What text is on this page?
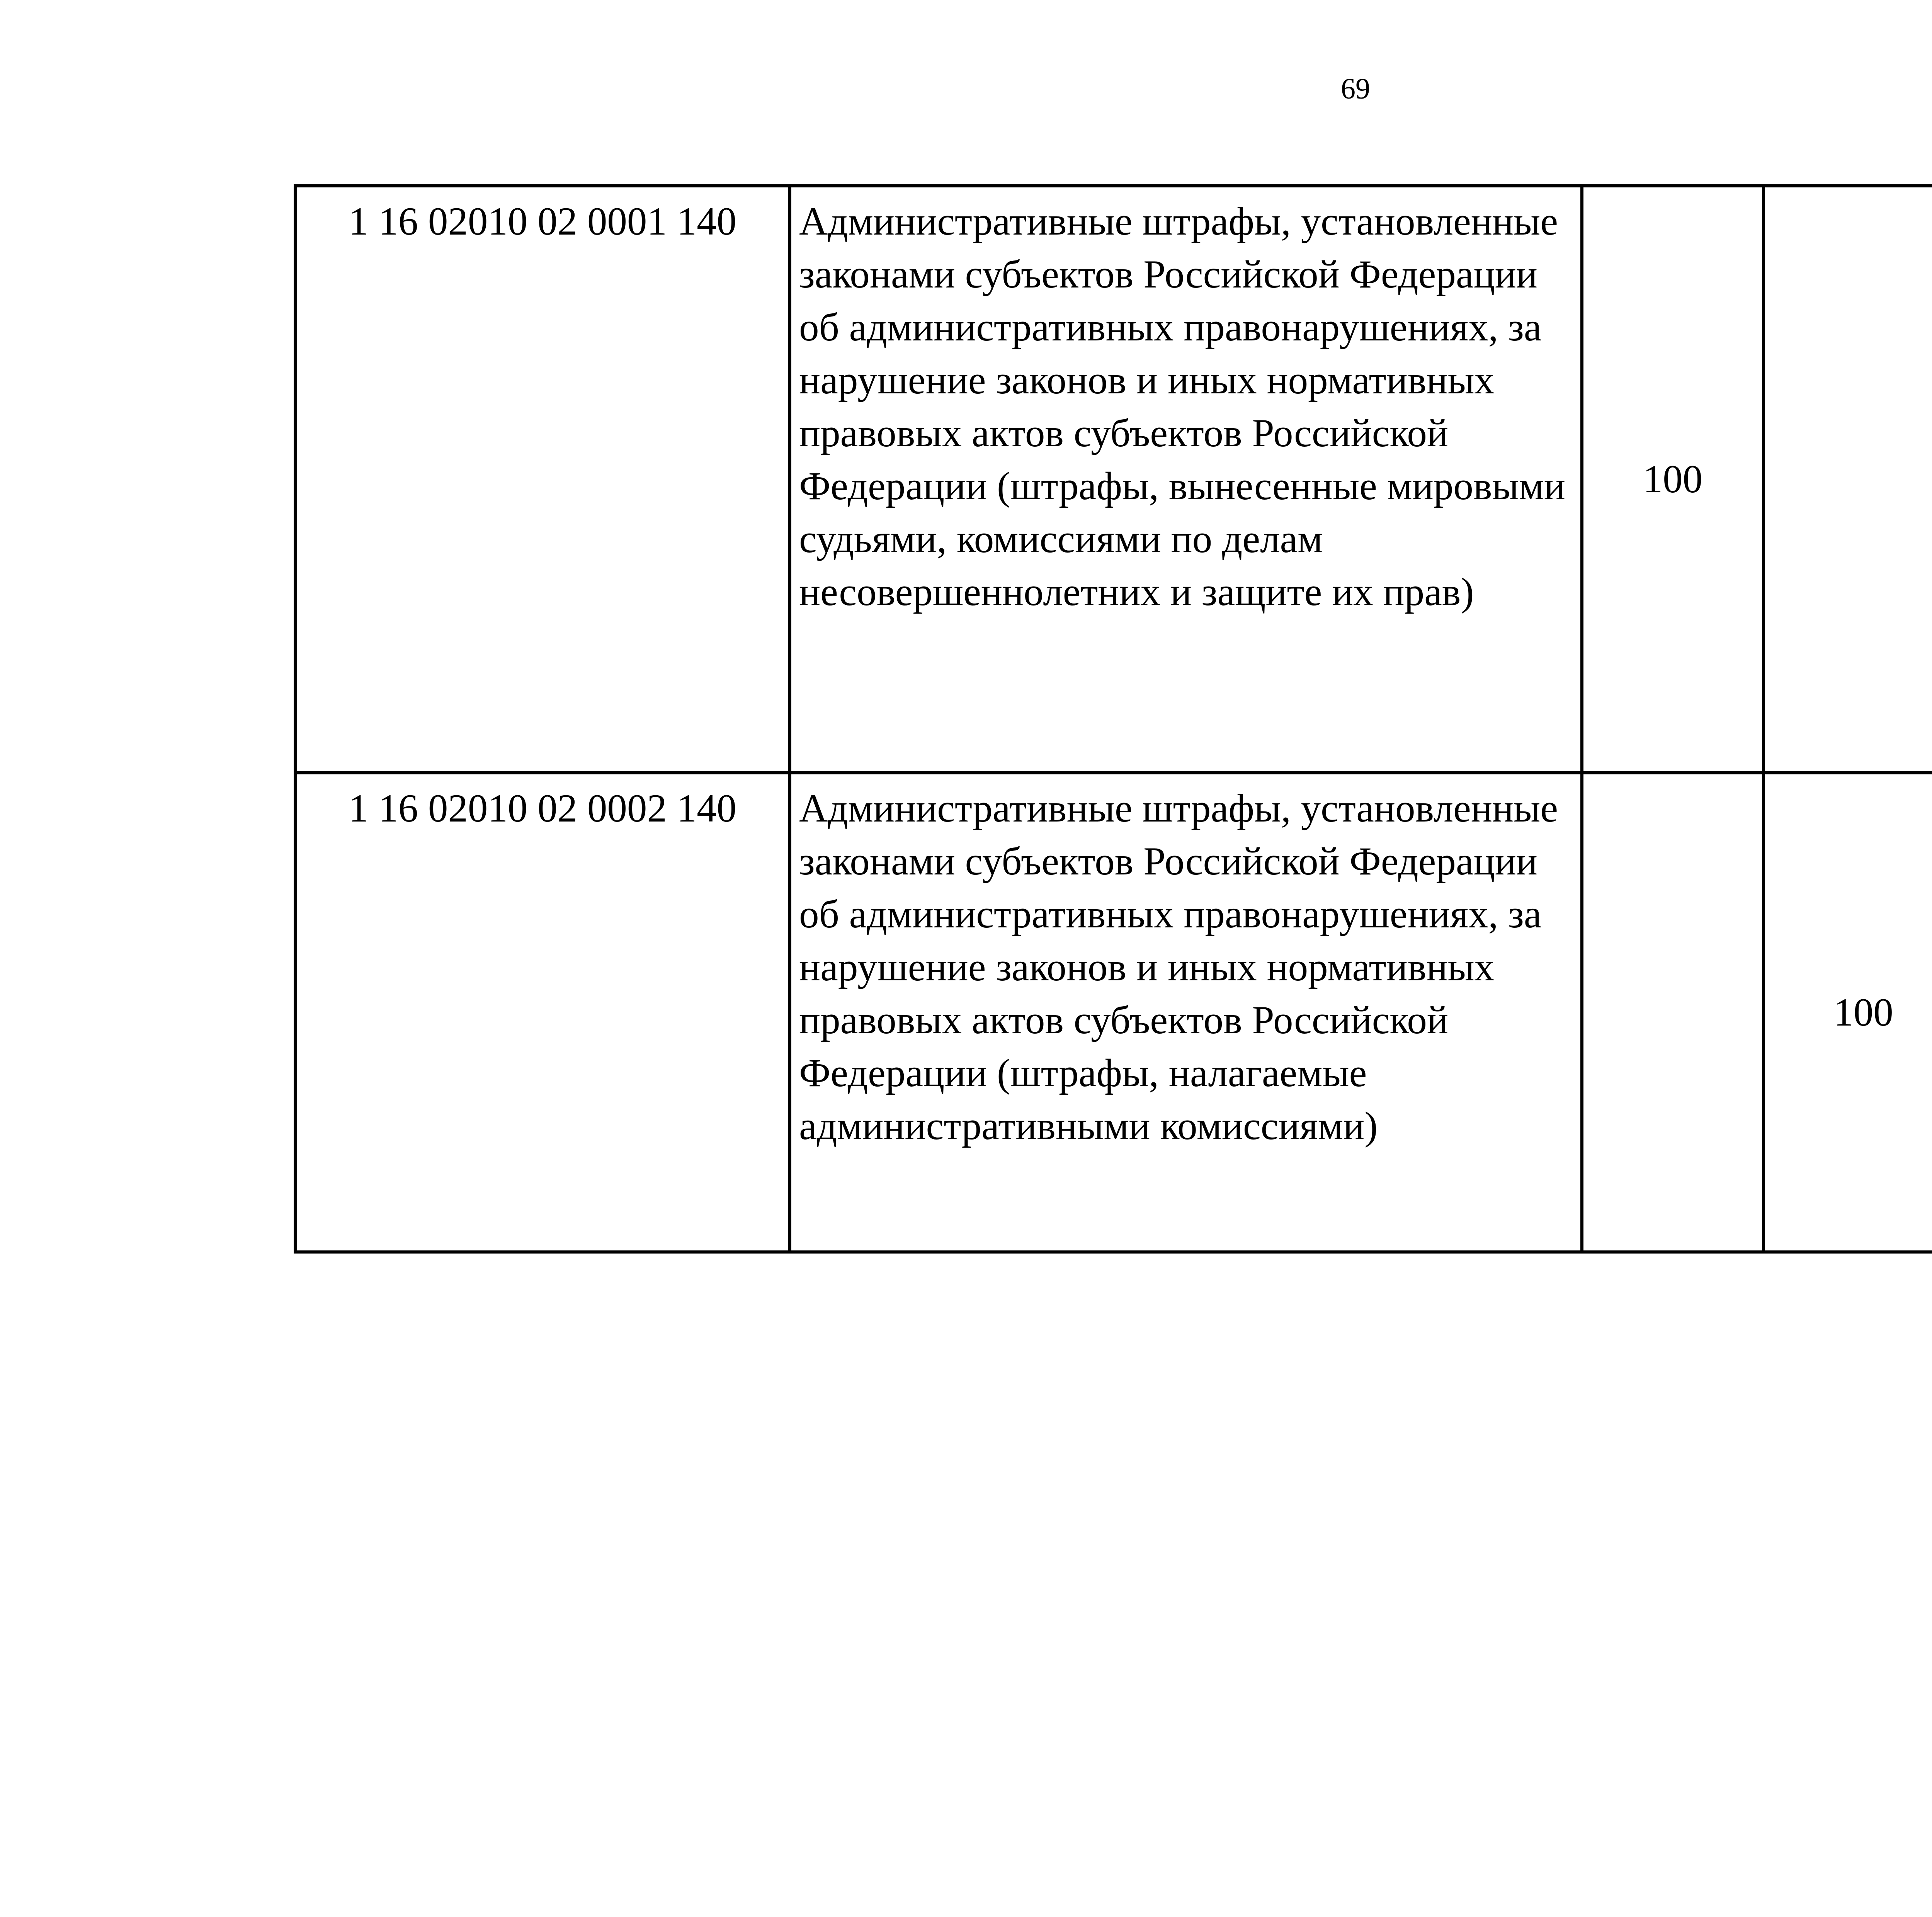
69
1 16 02010 02 0001 140	Административные штрафы, установленные законами субъектов Российской Федерации об административных правонарушениях, за нарушение законов и иных нормативных правовых актов субъектов Российской Федерации (штрафы, вынесенные мировыми судьями, комиссиями по делам несовершеннолетних и защите их прав)	100				
1 16 02010 02 0002 140	Административные штрафы, установленные законами субъектов Российской Федерации об административных правонарушениях, за нарушение законов и иных нормативных правовых актов субъектов Российской Федерации (штрафы, налагаемые административными комиссиями)		100			
